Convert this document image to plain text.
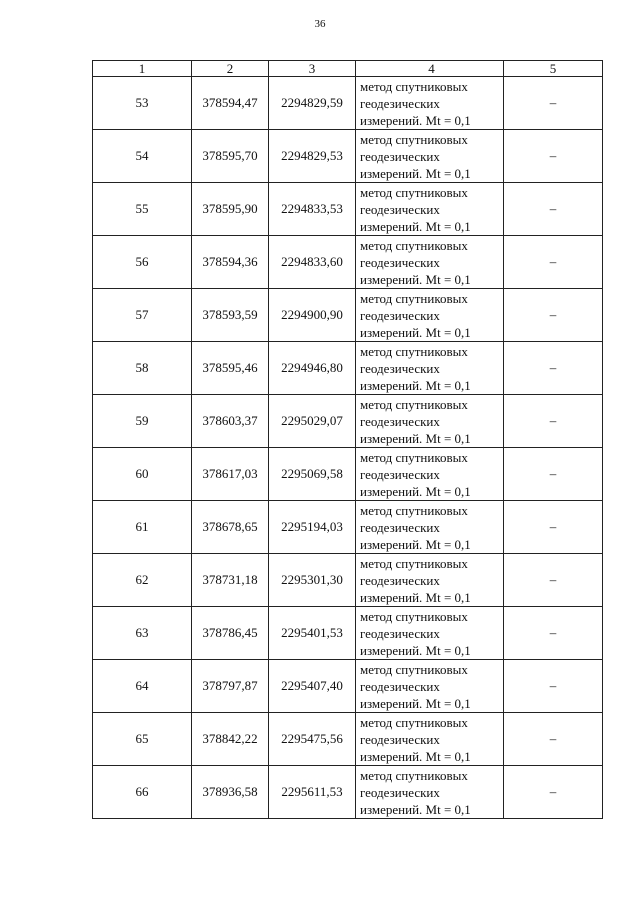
36
1	2	3	4	5
53	378594,47	2294829,59	метод спутниковых
геодезических
измерений. Mt = 0,1	–
54	378595,70	2294829,53	метод спутниковых
геодезических
измерений. Mt = 0,1	–
55	378595,90	2294833,53	метод спутниковых
геодезических
измерений. Mt = 0,1	–
56	378594,36	2294833,60	метод спутниковых
геодезических
измерений. Mt = 0,1	–
57	378593,59	2294900,90	метод спутниковых
геодезических
измерений. Mt = 0,1	–
58	378595,46	2294946,80	метод спутниковых
геодезических
измерений. Mt = 0,1	–
59	378603,37	2295029,07	метод спутниковых
геодезических
измерений. Mt = 0,1	–
60	378617,03	2295069,58	метод спутниковых
геодезических
измерений. Mt = 0,1	–
61	378678,65	2295194,03	метод спутниковых
геодезических
измерений. Mt = 0,1	–
62	378731,18	2295301,30	метод спутниковых
геодезических
измерений. Mt = 0,1	–
63	378786,45	2295401,53	метод спутниковых
геодезических
измерений. Mt = 0,1	–
64	378797,87	2295407,40	метод спутниковых
геодезических
измерений. Mt = 0,1	–
65	378842,22	2295475,56	метод спутниковых
геодезических
измерений. Mt = 0,1	–
66	378936,58	2295611,53	метод спутниковых
геодезических
измерений. Mt = 0,1	–
